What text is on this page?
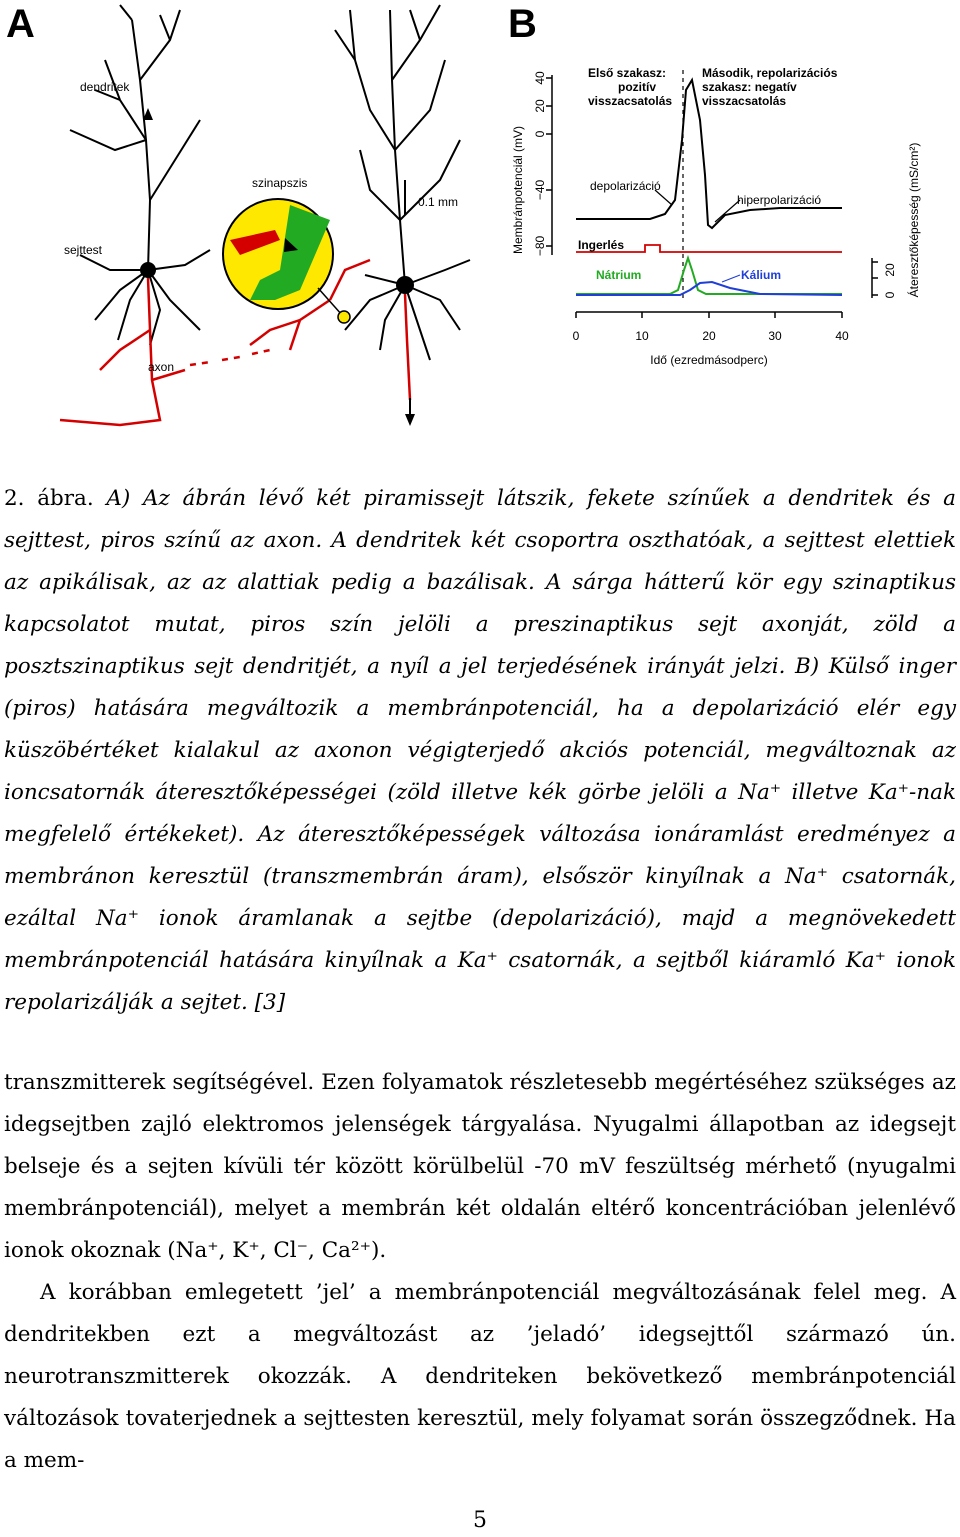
A
dendritek
szinapszis
0.1 mm
sejttest
axon
B
40
20
0
−40
−80
Membránpotenciál (mV)
0
20 Áteresztőképesség (mS/cm²)
0	10	20	30	40
Idő (ezredmásodperc)
Első szakasz:
pozitív
visszacsatolás
Második, repolarizációs
szakasz: negatív
visszacsatolás
depolarizáció
hiperpolarizáció
Ingerlés
Nátrium	Kálium
2. ábra. A) Az ábrán lévő két piramissejt látszik, fekete színűek a dendritek és a sejttest, piros színű az axon. A dendritek két csoportra oszthatóak, a sejttest elettiek az apikálisak, az az alattiak pedig a bazálisak. A sárga hátterű kör egy szinaptikus kapcsolatot mutat, piros szín jelöli a preszinaptikus sejt axonját, zöld a posztszinaptikus sejt dendritjét, a nyíl a jel terjedésének irányát jelzi. B) Külső inger (piros) hatására megváltozik a membránpotenciál, ha a depolarizáció elér egy küszöbértéket kialakul az axonon végigterjedő akciós potenciál, megváltoznak az ioncsatornák áteresztőképességei (zöld illetve kék görbe jelöli a Na⁺ illetve Ka⁺-nak megfelelő értékeket). Az áteresztőképességek változása ionáramlást eredményez a membránon keresztül (transzmembrán áram), elsőször kinyílnak a Na⁺ csatornák, ezáltal Na⁺ ionok áramlanak a sejtbe (depolarizáció), majd a megnövekedett membránpotenciál hatására kinyílnak a Ka⁺ csatornák, a sejtből kiáramló Ka⁺ ionok repolarizálják a sejtet. [3]

transzmitterek segítségével. Ezen folyamatok részletesebb megértéséhez szükséges az idegsejtben zajló elektromos jelenségek tárgyalása. Nyugalmi állapotban az idegsejt belseje és a sejten kívüli tér között körülbelül -70 mV feszültség mérhető (nyugalmi membránpotenciál), melyet a membrán két oldalán eltérő koncentrációban jelenlévő ionok okoznak (Na⁺, K⁺, Cl⁻, Ca²⁺).

A korábban emlegetett ’jel’ a membránpotenciál megváltozásának felel meg. A dendritekben ezt a megváltozást az ’jeladó’ idegsejttől származó ún. neurotranszmitterek okozzák. A dendriteken bekövetkező membránpotenciál változások tovaterjednek a sejttesten keresztül, mely folyamat során összegződnek. Ha a mem-

5
